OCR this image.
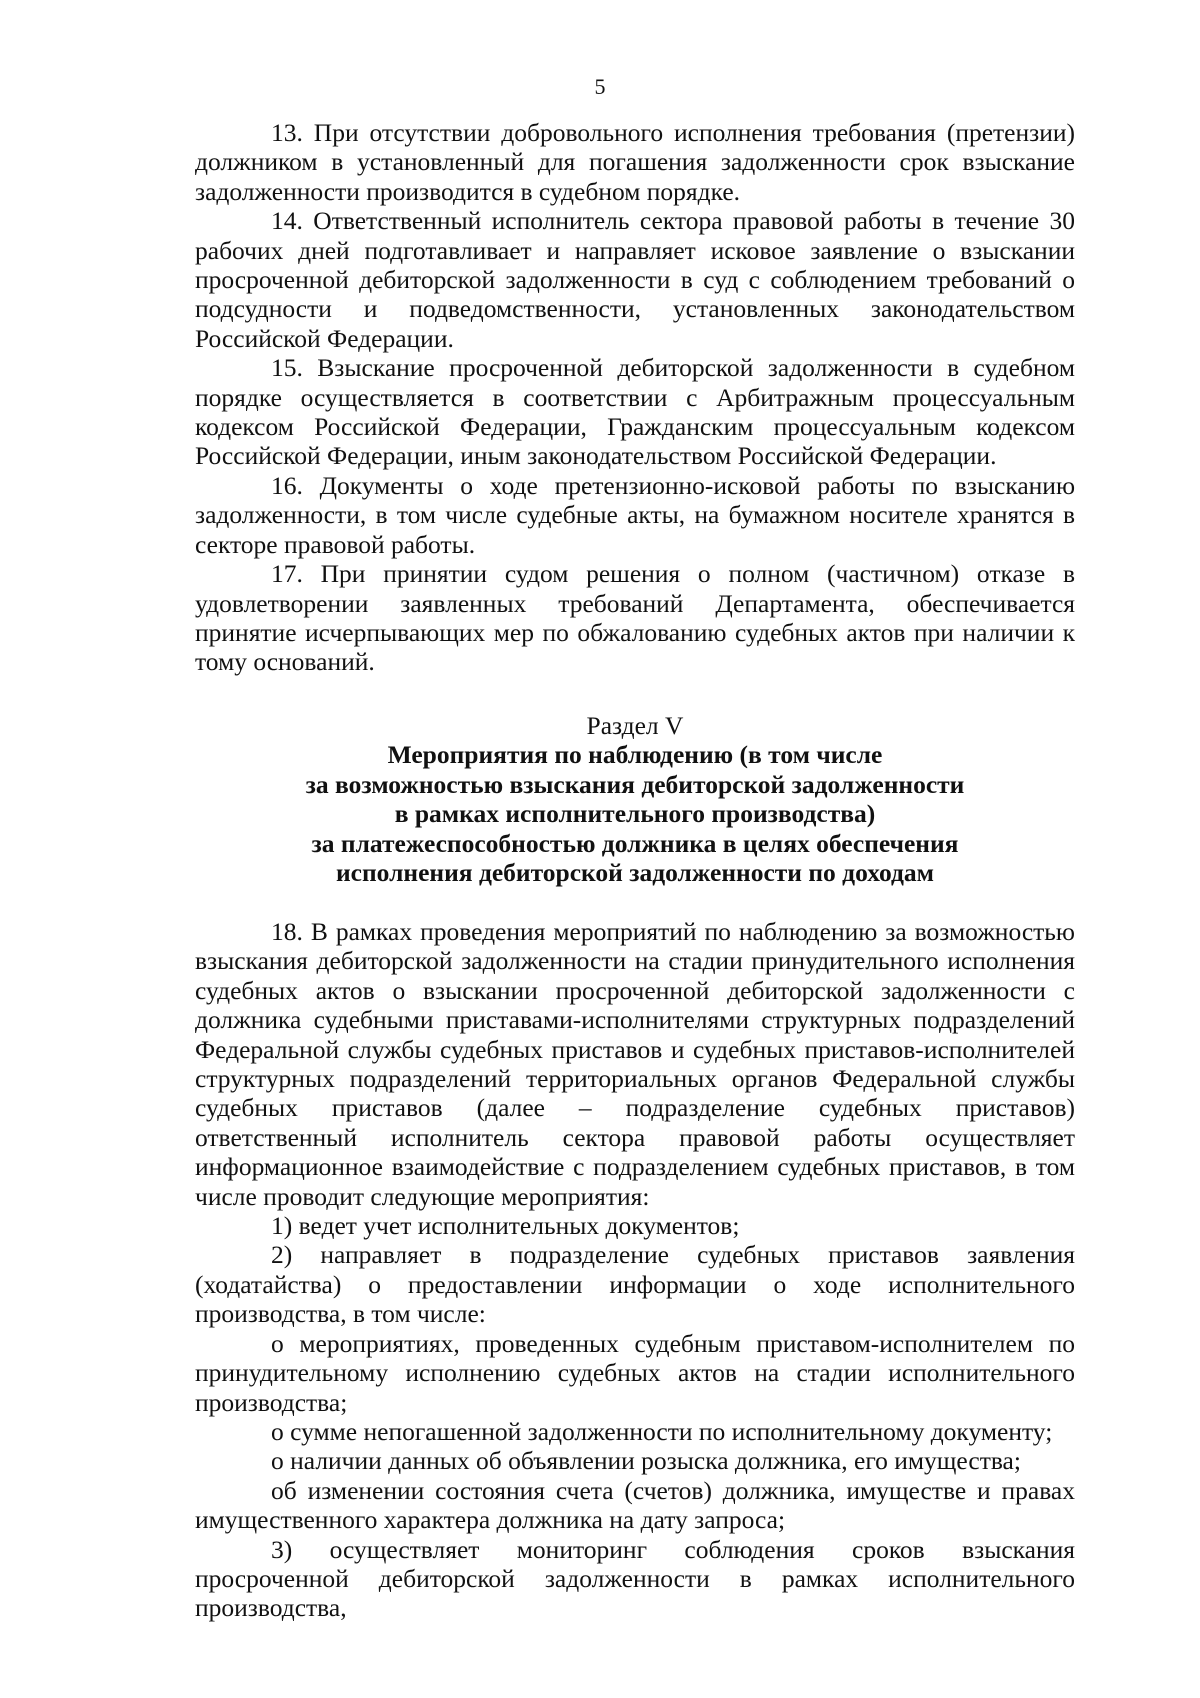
5

13. При отсутствии добровольного исполнения требования (претензии) должником в установленный для погашения задолженности срок взыскание задолженности производится в судебном порядке.

14. Ответственный исполнитель сектора правовой работы в течение 30 рабочих дней подготавливает и направляет исковое заявление о взыскании просроченной дебиторской задолженности в суд с соблюдением требований о подсудности и подведомственности, установленных законодательством Российской Федерации.

15. Взыскание просроченной дебиторской задолженности в судебном порядке осуществляется в соответствии с Арбитражным процессуальным кодексом Российской Федерации, Гражданским процессуальным кодексом Российской Федерации, иным законодательством Российской Федерации.

16. Документы о ходе претензионно-исковой работы по взысканию задолженности, в том числе судебные акты, на бумажном носителе хранятся в секторе правовой работы.

17. При принятии судом решения о полном (частичном) отказе в удовлетворении заявленных требований Департамента, обеспечивается принятие исчерпывающих мер по обжалованию судебных актов при наличии к тому оснований.

Раздел V

Мероприятия по наблюдению (в том числе
за возможностью взыскания дебиторской задолженности
в рамках исполнительного производства)
за платежеспособностью должника в целях обеспечения
исполнения дебиторской задолженности по доходам

18. В рамках проведения мероприятий по наблюдению за возможностью взыскания дебиторской задолженности на стадии принудительного исполнения судебных актов о взыскании просроченной дебиторской задолженности с должника судебными приставами-исполнителями структурных подразделений Федеральной службы судебных приставов и судебных приставов-исполнителей структурных подразделений территориальных органов Федеральной службы судебных приставов (далее – подразделение судебных приставов) ответственный исполнитель сектора правовой работы осуществляет информационное взаимодействие с подразделением судебных приставов, в том числе проводит следующие мероприятия:

1) ведет учет исполнительных документов;

2) направляет в подразделение судебных приставов заявления (ходатайства) о предоставлении информации о ходе исполнительного производства, в том числе:

о мероприятиях, проведенных судебным приставом-исполнителем по принудительному исполнению судебных актов на стадии исполнительного производства;

о сумме непогашенной задолженности по исполнительному документу;

о наличии данных об объявлении розыска должника, его имущества;

об изменении состояния счета (счетов) должника, имуществе и правах имущественного характера должника на дату запроса;

3) осуществляет мониторинг соблюдения сроков взыскания просроченной дебиторской задолженности в рамках исполнительного производства,
